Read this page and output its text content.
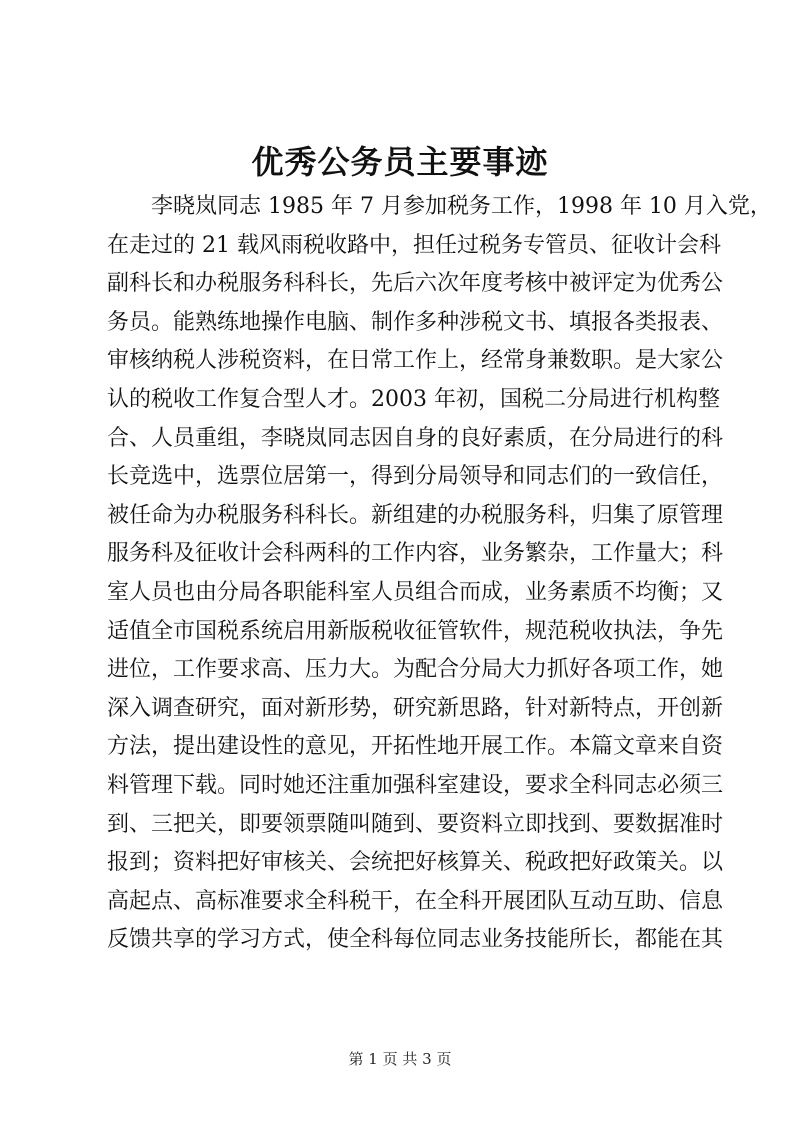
优秀公务员主要事迹
李晓岚同志 1985 年 7 月参加税务工作，1998 年 10 月入党，
在走过的 21 载风雨税收路中，担任过税务专管员、征收计会科
副科长和办税服务科科长，先后六次年度考核中被评定为优秀公
务员。能熟练地操作电脑、制作多种涉税文书、填报各类报表、
审核纳税人涉税资料，在日常工作上，经常身兼数职。是大家公
认的税收工作复合型人才。2003 年初，国税二分局进行机构整
合、人员重组，李晓岚同志因自身的良好素质，在分局进行的科
长竞选中，选票位居第一，得到分局领导和同志们的一致信任，
被任命为办税服务科科长。新组建的办税服务科，归集了原管理
服务科及征收计会科两科的工作内容，业务繁杂，工作量大；科
室人员也由分局各职能科室人员组合而成，业务素质不均衡；又
适值全市国税系统启用新版税收征管软件，规范税收执法，争先
进位，工作要求高、压力大。为配合分局大力抓好各项工作，她
深入调查研究，面对新形势，研究新思路，针对新特点，开创新
方法，提出建设性的意见，开拓性地开展工作。本篇文章来自资
料管理下载。同时她还注重加强科室建设，要求全科同志必须三
到、三把关，即要领票随叫随到、要资料立即找到、要数据准时
报到；资料把好审核关、会统把好核算关、税政把好政策关。以
高起点、高标准要求全科税干，在全科开展团队互动互助、信息
反馈共享的学习方式，使全科每位同志业务技能所长，都能在其
第 1 页 共 3 页
